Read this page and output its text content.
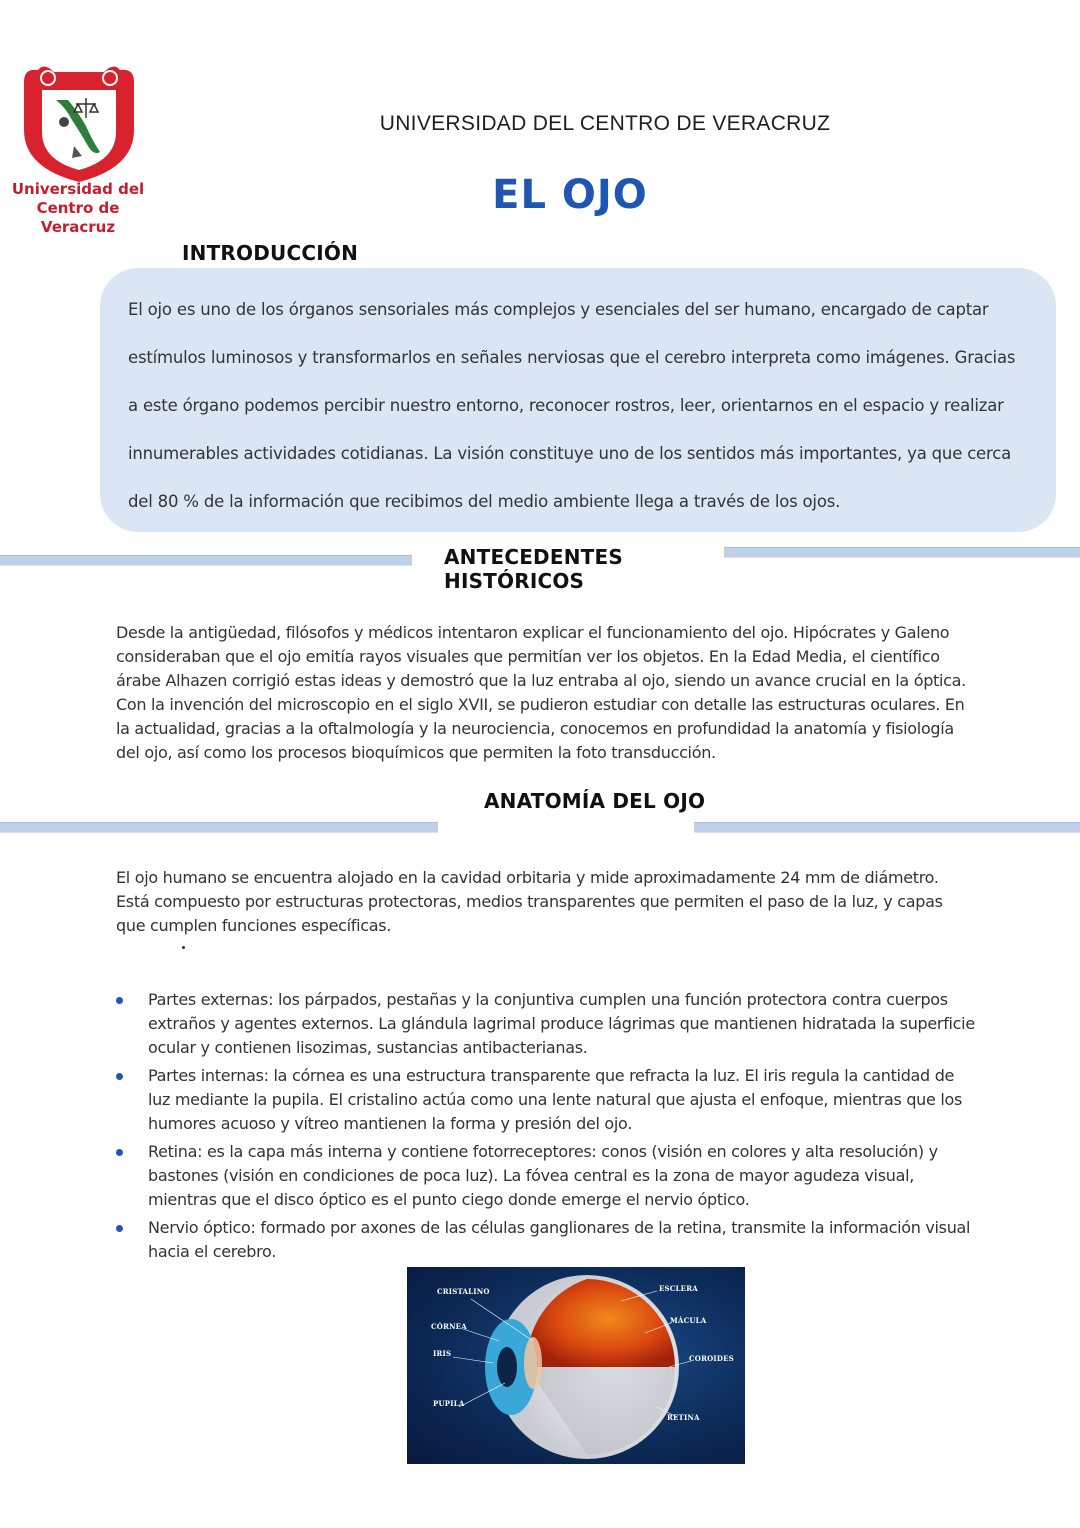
Universidad del
Centro de Veracruz
UNIVERSIDAD DEL CENTRO DE VERACRUZ
EL OJO
INTRODUCCIÓN
El ojo es uno de los órganos sensoriales más complejos y esenciales del ser humano, encargado de captar estímulos luminosos y transformarlos en señales nerviosas que el cerebro interpreta como imágenes. Gracias a este órgano podemos percibir nuestro entorno, reconocer rostros, leer, orientarnos en el espacio y realizar innumerables actividades cotidianas. La visión constituye uno de los sentidos más importantes, ya que cerca del 80 % de la información que recibimos del medio ambiente llega a través de los ojos.
ANTECEDENTES HISTÓRICOS
Desde la antigüedad, filósofos y médicos intentaron explicar el funcionamiento del ojo. Hipócrates y Galeno consideraban que el ojo emitía rayos visuales que permitían ver los objetos. En la Edad Media, el científico árabe Alhazen corrigió estas ideas y demostró que la luz entraba al ojo, siendo un avance crucial en la óptica. Con la invención del microscopio en el siglo XVII, se pudieron estudiar con detalle las estructuras oculares. En la actualidad, gracias a la oftalmología y la neurociencia, conocemos en profundidad la anatomía y fisiología del ojo, así como los procesos bioquímicos que permiten la foto transducción.
ANATOMÍA DEL OJO
El ojo humano se encuentra alojado en la cavidad orbitaria y mide aproximadamente 24 mm de diámetro. Está compuesto por estructuras protectoras, medios transparentes que permiten el paso de la luz, y capas que cumplen funciones específicas.
Partes externas: los párpados, pestañas y la conjuntiva cumplen una función protectora contra cuerpos extraños y agentes externos. La glándula lagrimal produce lágrimas que mantienen hidratada la superficie ocular y contienen lisozimas, sustancias antibacterianas.
Partes internas: la córnea es una estructura transparente que refracta la luz. El iris regula la cantidad de luz mediante la pupila. El cristalino actúa como una lente natural que ajusta el enfoque, mientras que los humores acuoso y vítreo mantienen la forma y presión del ojo.
Retina: es la capa más interna y contiene fotorreceptores: conos (visión en colores y alta resolución) y bastones (visión en condiciones de poca luz). La fóvea central es la zona de mayor agudeza visual, mientras que el disco óptico es el punto ciego donde emerge el nervio óptico.
Nervio óptico: formado por axones de las células ganglionares de la retina, transmite la información visual hacia el cerebro.
CRISTALINO
CÓRNEA
IRIS
PUPILA
ESCLERA
MÁCULA
COROIDES
RETINA
